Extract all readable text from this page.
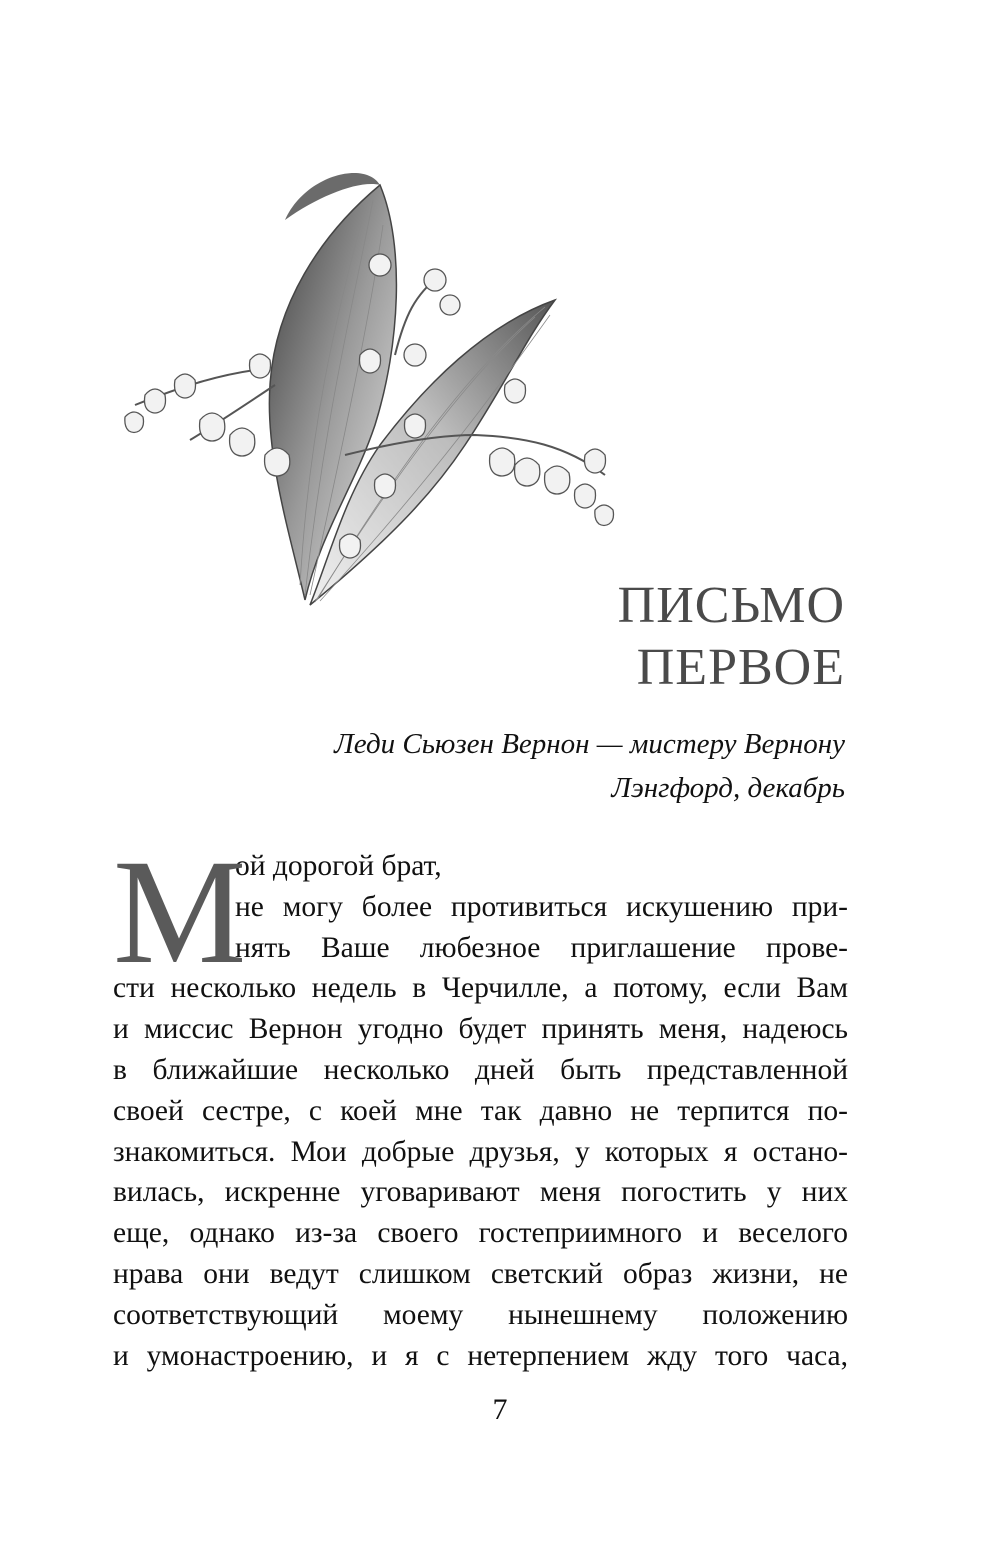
ПИСЬМО
ПЕРВОЕ
Леди Сьюзен Вернон — мистеру Вернону
Лэнгфорд, декабрь
М
ой дорогой брат,
не могу более противиться искушению при-
нять Ваше любезное приглашение прове-
сти несколько недель в Черчилле, а потому, если Вам
и миссис Вернон угодно будет принять меня, надеюсь
в ближайшие несколько дней быть представленной
своей сестре, с коей мне так давно не терпится по-
знакомиться. Мои добрые друзья, у которых я остано-
вилась, искренне уговаривают меня погостить у них
еще, однако из-за своего гостеприимного и веселого
нрава они ведут слишком светский образ жизни, не
соответствующий моему нынешнему положению
и умонастроению, и я с нетерпением жду того часа,
7
